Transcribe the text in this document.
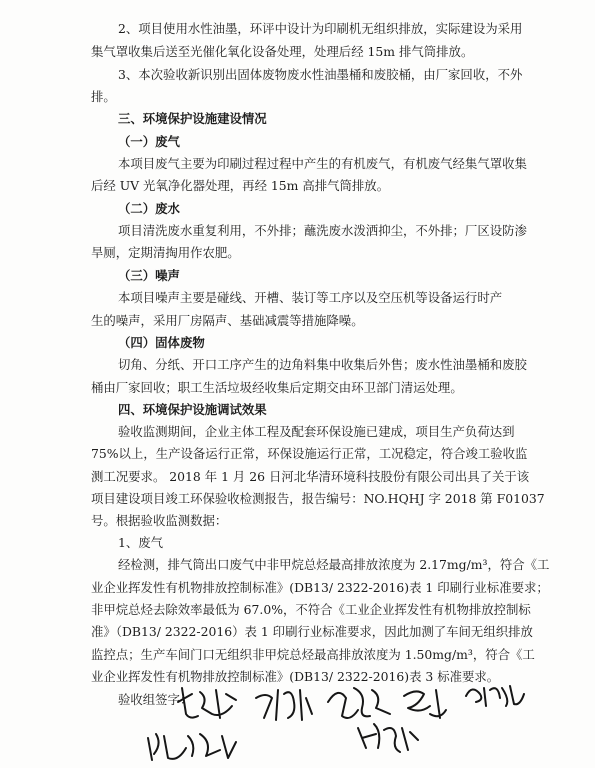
2、项目使用水性油墨，环评中设计为印刷机无组织排放，实际建设为采用
集气罩收集后送至光催化氧化设备处理，处理后经 15m 排气筒排放。
3、本次验收新识别出固体废物废水性油墨桶和废胶桶，由厂家回收，不外
排。
三、环境保护设施建设情况
（一）废气
本项目废气主要为印刷过程过程中产生的有机废气，有机废气经集气罩收集
后经 UV 光氧净化器处理，再经 15m 高排气筒排放。
（二）废水
项目清洗废水重复利用，不外排；蘸洗废水泼洒抑尘，不外排；厂区设防渗
旱厕，定期清掏用作农肥。
（三）噪声
本项目噪声主要是碰线、开槽、装订等工序以及空压机等设备运行时产
生的噪声，采用厂房隔声、基础减震等措施降噪。
（四）固体废物
切角、分纸、开口工序产生的边角料集中收集后外售；废水性油墨桶和废胶
桶由厂家回收；职工生活垃圾经收集后定期交由环卫部门清运处理。
四、环境保护设施调试效果
验收监测期间，企业主体工程及配套环保设施已建成，项目生产负荷达到
75%以上，生产设备运行正常，环保设施运行正常，工况稳定，符合竣工验收监
测工况要求。 2018 年 1 月 26 日河北华清环境科技股份有限公司出具了关于该
项目建设项目竣工环保验收检测报告，报告编号：NO.HQHJ 字 2018 第 F01037
号。根据验收监测数据：
1、废气
经检测，排气筒出口废气中非甲烷总烃最高排放浓度为 2.17mg/m³，符合《工
业企业挥发性有机物排放控制标准》(DB13/ 2322-2016)表 1 印刷行业标准要求；
非甲烷总烃去除效率最低为 67.0%，不符合《工业企业挥发性有机物排放控制标
准》（DB13/ 2322-2016）表 1 印刷行业标准要求，因此加测了车间无组织排放
监控点；生产车间门口无组织非甲烷总烃最高排放浓度为 1.50mg/m³，符合《工
业企业挥发性有机物排放控制标准》(DB13/ 2322-2016)表 3 标准要求。
验收组签字：
